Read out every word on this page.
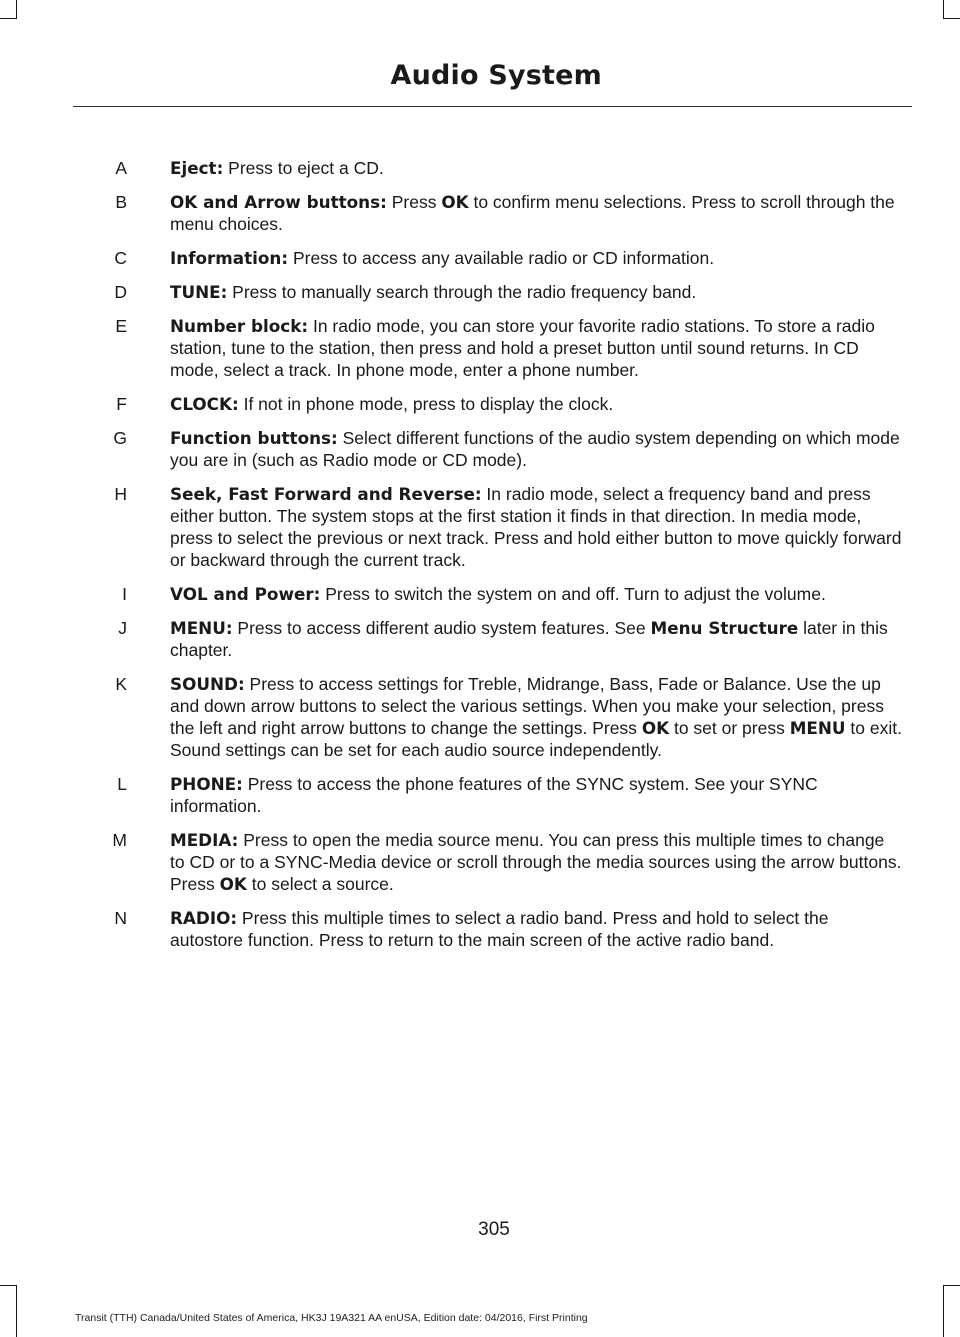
Audio System
A	Eject: Press to eject a CD.
B	OK and Arrow buttons: Press OK to confirm menu selections. Press to scroll through the menu choices.
C	Information: Press to access any available radio or CD information.
D	TUNE: Press to manually search through the radio frequency band.
E	Number block: In radio mode, you can store your favorite radio stations. To store a radio station, tune to the station, then press and hold a preset button until sound returns. In CD mode, select a track. In phone mode, enter a phone number.
F	CLOCK: If not in phone mode, press to display the clock.
G	Function buttons: Select different functions of the audio system depending on which mode you are in (such as Radio mode or CD mode).
H	Seek, Fast Forward and Reverse: In radio mode, select a frequency band and press either button. The system stops at the first station it finds in that direction. In media mode, press to select the previous or next track. Press and hold either button to move quickly forward or backward through the current track.
I	VOL and Power: Press to switch the system on and off. Turn to adjust the volume.
J	MENU: Press to access different audio system features. See Menu Structure later in this chapter.
K	SOUND: Press to access settings for Treble, Midrange, Bass, Fade or Balance. Use the up and down arrow buttons to select the various settings. When you make your selection, press the left and right arrow buttons to change the settings. Press OK to set or press MENU to exit. Sound settings can be set for each audio source independently.
L	PHONE: Press to access the phone features of the SYNC system. See your SYNC information.
M	MEDIA: Press to open the media source menu. You can press this multiple times to change to CD or to a SYNC-Media device or scroll through the media sources using the arrow buttons. Press OK to select a source.
N	RADIO: Press this multiple times to select a radio band. Press and hold to select the autostore function. Press to return to the main screen of the active radio band.
305
Transit (TTH) Canada/United States of America, HK3J 19A321 AA enUSA, Edition date: 04/2016, First Printing
